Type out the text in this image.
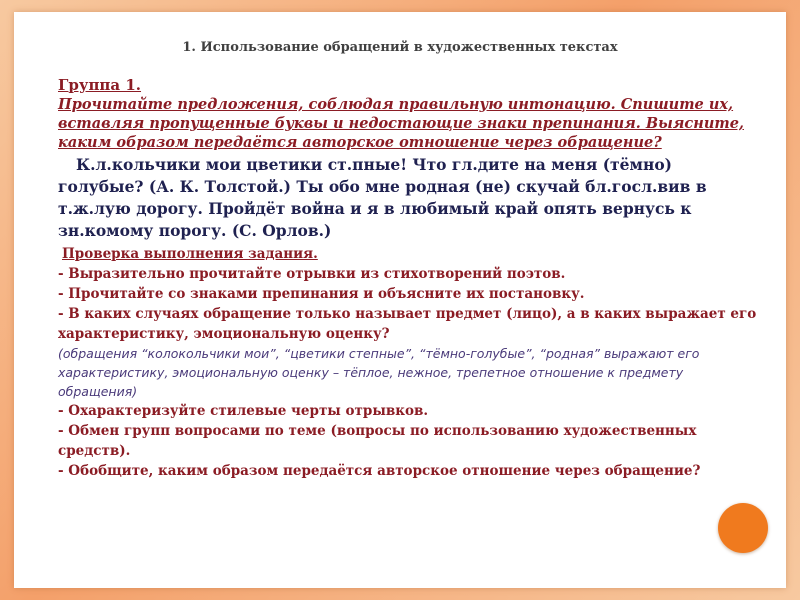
1. Использование обращений в художественных текстах
Группа 1.

Прочитайте предложения, соблюдая правильную интонацию. Спишите их, вставляя пропущенные буквы и недостающие знаки препинания. Выясните, каким образом передаётся авторское отношение через обращение?

К.л.кольчики мои цветики ст.пные! Что гл.дите на меня (тёмно) голубые? (А. К. Толстой.) Ты обо мне родная (не) скучай бл.госл.вив в т.ж.лую дорогу. Пройдёт война и я в любимый край опять вернусь к зн.комому порогу. (С. Орлов.)

Проверка выполнения задания.
- Выразительно прочитайте отрывки из стихотворений поэтов.
- Прочитайте со знаками препинания и объясните их постановку.
- В каких случаях обращение только называет предмет (лицо), а в каких выражает его характеристику, эмоциональную оценку?
(обращения “колокольчики мои”, “цветики степные”, “тёмно-голубые”, “родная” выражают его характеристику, эмоциональную оценку – тёплое, нежное, трепетное отношение к предмету обращения)
- Охарактеризуйте стилевые черты отрывков.
- Обмен групп вопросами по теме (вопросы по использованию художественных средств).
- Обобщите, каким образом передаётся авторское отношение через обращение?
